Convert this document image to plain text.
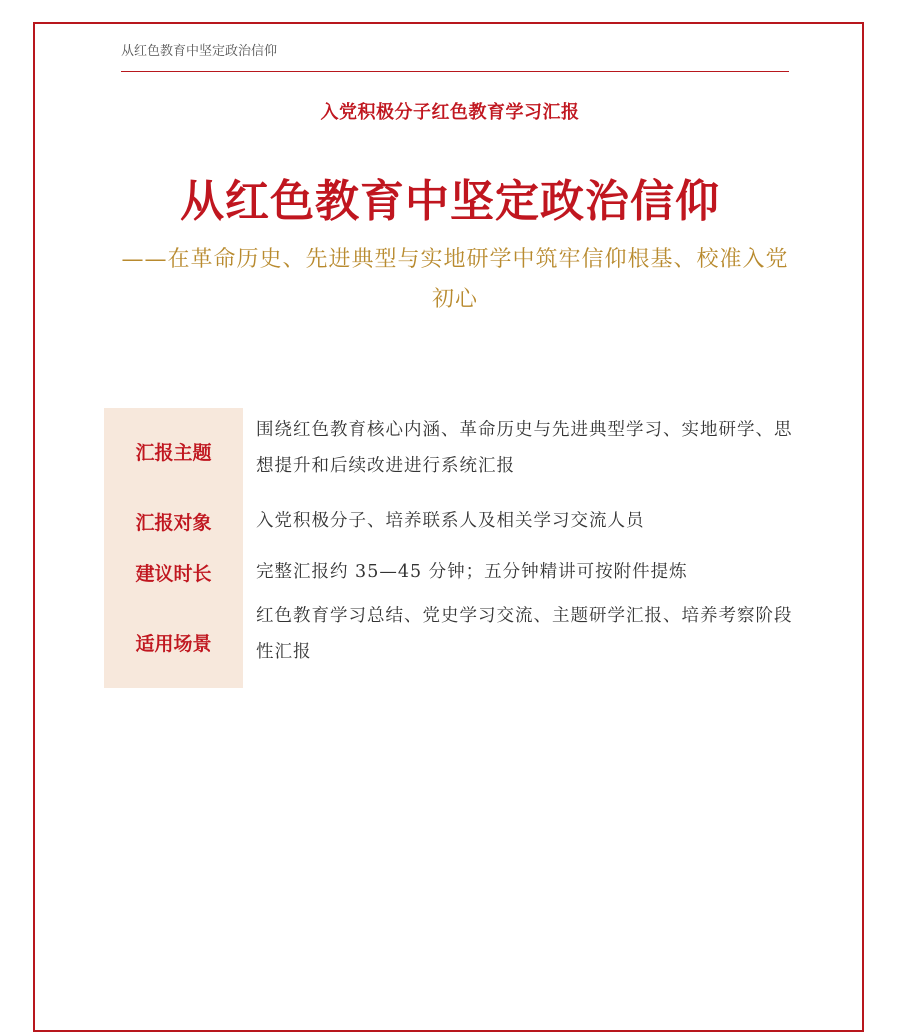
从红色教育中坚定政治信仰
入党积极分子红色教育学习汇报
从红色教育中坚定政治信仰
——在革命历史、先进典型与实地研学中筑牢信仰根基、校准入党初心
汇报主题
围绕红色教育核心内涵、革命历史与先进典型学习、实地研学、思想提升和后续改进进行系统汇报
汇报对象	入党积极分子、培养联系人及相关学习交流人员
建议时长	完整汇报约 35—45 分钟；五分钟精讲可按附件提炼
适用场景
红色教育学习总结、党史学习交流、主题研学汇报、培养考察阶段性汇报
